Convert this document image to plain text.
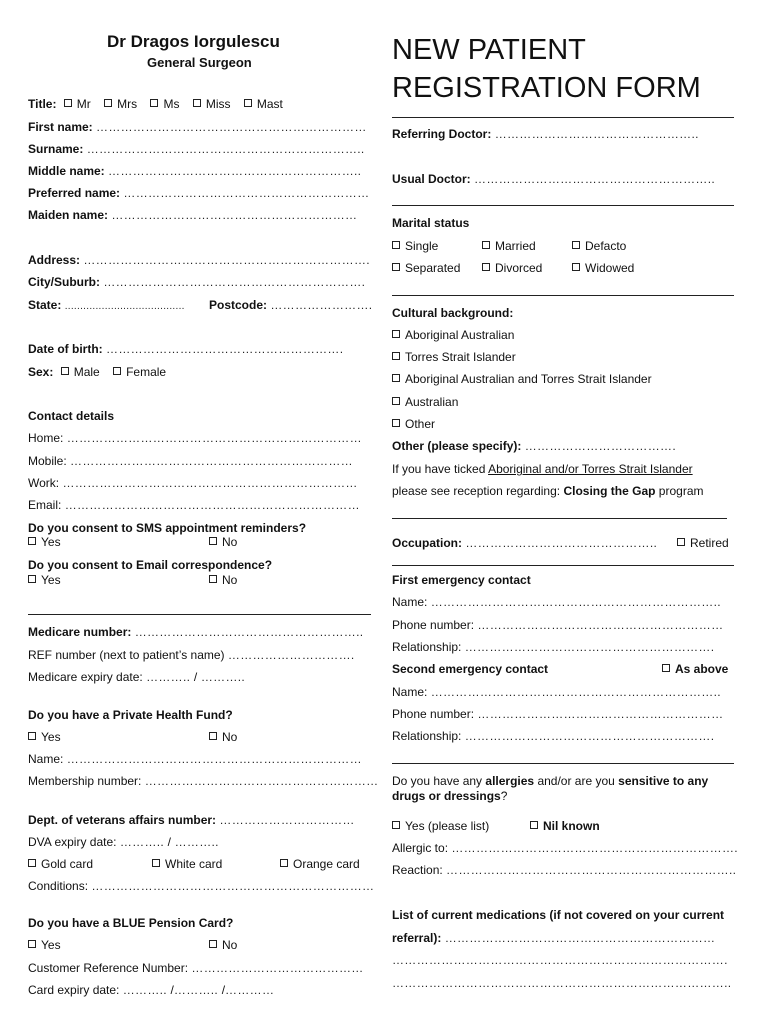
Dr Dragos Iorgulescu
General Surgeon	NEW PATIENT
REGISTRATION FORM
Title: Mr Mrs Ms Miss Mast
First name: …………………………………………………………
Surname: …………………………………………………………..
Middle name: ……………………………………………………..
Preferred name: ……………………………………………………
Maiden name: ……………………………………………………
Address: …………………………………………………………….
City/Suburb: ……………………………………………………….
State: ....................................... Postcode: …………………….
Date of birth: ………………………………………………….
Sex: Male Female
Contact details
Home: ………………………………………………………………
Mobile: ……………………………………………………………
Work: ………………………………………………………………
Email: ………………………………………………………………
Do you consent to SMS appointment reminders?
Yes	No
Do you consent to Email correspondence?
Yes	No
Medicare number: ………………………………………………..
REF number (next to patient’s name) ………………………….
Medicare expiry date: ……….. / ………..
Do you have a Private Health Fund?
Yes	No
Name: ………………………………………………………………
Membership number: …………………………………………………
Dept. of veterans affairs number: ……………………………
DVA expiry date: ……….. / ………..
Gold card	White card	Orange card
Conditions: ……………………………………………………………
Do you have a BLUE Pension Card?
Yes	No
Customer Reference Number: ……………………………………
Card expiry date: ……….. /……….. /…………
Referring Doctor: …………………………………………..
Usual Doctor: …………………………………………………..
Marital status
Single	Married	Defacto
Separated	Divorced	Widowed
Cultural background:
Aboriginal Australian
Torres Strait Islander
Aboriginal Australian and Torres Strait Islander
Australian
Other
Other (please specify): ……………………………….
If you have ticked Aboriginal and/or Torres Strait Islander
please see reception regarding: Closing the Gap program
Occupation: ………………………………………..	Retired
First emergency contact
Name: ……………………………………………………………..
Phone number: ……………………………………………………
Relationship: …………………………………………………….
Second emergency contact	As above
Name: ……………………………………………………………..
Phone number: ……………………………………………………
Relationship: …………………………………………………….
Do you have any allergies and/or are you sensitive to any
drugs or dressings?
Yes (please list)	Nil known
Allergic to: …………………………………………………………….
Reaction: ……………………………………………………………..
List of current medications (if not covered on your current
referral): …………………………………………………………
……………………………………………………………………….
………………………………………………………………………..
